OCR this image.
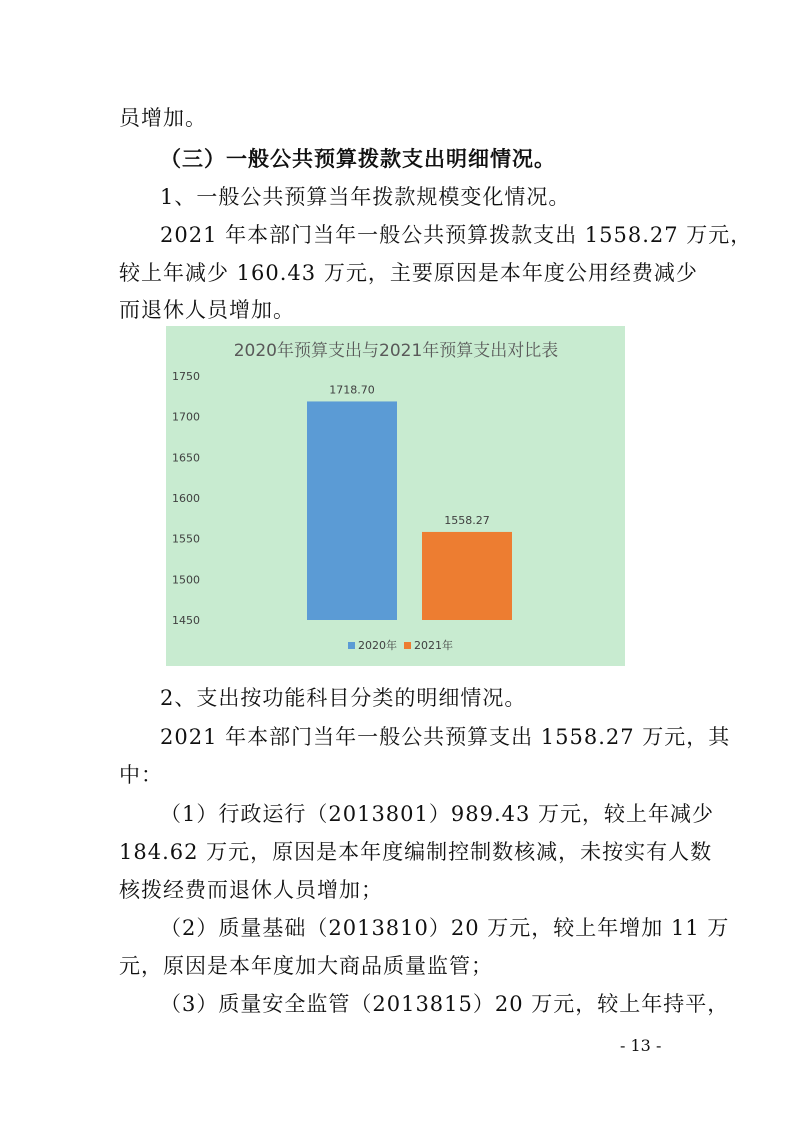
员增加。
（三）一般公共预算拨款支出明细情况。
1、一般公共预算当年拨款规模变化情况。
2021 年本部门当年一般公共预算拨款支出 1558.27 万元，
较上年减少 160.43 万元，主要原因是本年度公用经费减少
而退休人员增加。
2020年预算支出与2021年预算支出对比表
1450
1500
1550
1600
1650
1700
1750
1718.70
1558.27
2020年 2021年
2、支出按功能科目分类的明细情况。
2021 年本部门当年一般公共预算支出 1558.27 万元，其
中：
（1）行政运行（2013801）989.43 万元，较上年减少
184.62 万元，原因是本年度编制控制数核减，未按实有人数
核拨经费而退休人员增加；
（2）质量基础（2013810）20 万元，较上年增加 11 万
元，原因是本年度加大商品质量监管；
（3）质量安全监管（2013815）20 万元，较上年持平，
- 13 -
